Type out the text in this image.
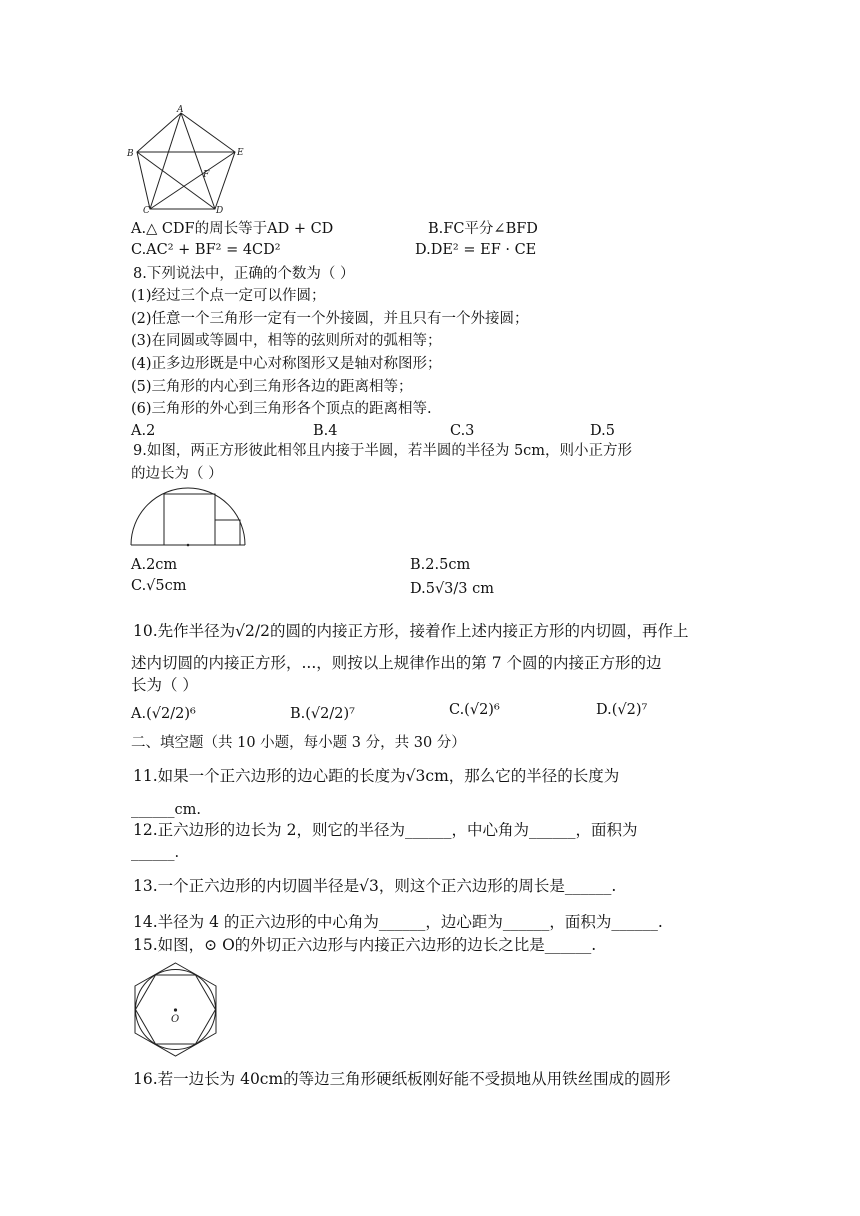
A
B
C	D
E
F
A.△ CDF的周长等于AD + CD	B.FC平分∠BFD
C.AC² + BF² = 4CD²	D.DE² = EF · CE
8.下列说法中，正确的个数为（ ）
(1)经过三个点一定可以作圆；
(2)任意一个三角形一定有一个外接圆，并且只有一个外接圆；
(3)在同圆或等圆中，相等的弦则所对的弧相等；
(4)正多边形既是中心对称图形又是轴对称图形；
(5)三角形的内心到三角形各边的距离相等；
(6)三角形的外心到三角形各个顶点的距离相等.
A.2	B.4	C.3	D.5
9.如图，两正方形彼此相邻且内接于半圆，若半圆的半径为 5cm，则小正方形
的边长为（ ）
A.2cm	B.2.5cm
C.√5cm	D.5√3/3 cm
10.先作半径为√2/2的圆的内接正方形，接着作上述内接正方形的内切圆，再作上
述内切圆的内接正方形，...，则按以上规律作出的第 7 个圆的内接正方形的边
长为（ ）
A.(√2/2)⁶	B.(√2/2)⁷	C.(√2)⁶	D.(√2)⁷
二、填空题（共 10 小题，每小题 3 分，共 30 分）
11.如果一个正六边形的边心距的长度为√3cm，那么它的半径的长度为
______cm.
12.正六边形的边长为 2，则它的半径为______，中心角为______，面积为
______.
13.一个正六边形的内切圆半径是√3，则这个正六边形的周长是______.
14.半径为 4 的正六边形的中心角为______，边心距为______，面积为______.
15.如图，⊙ O的外切正六边形与内接正六边形的边长之比是______.
O
16.若一边长为 40cm的等边三角形硬纸板刚好能不受损地从用铁丝围成的圆形
